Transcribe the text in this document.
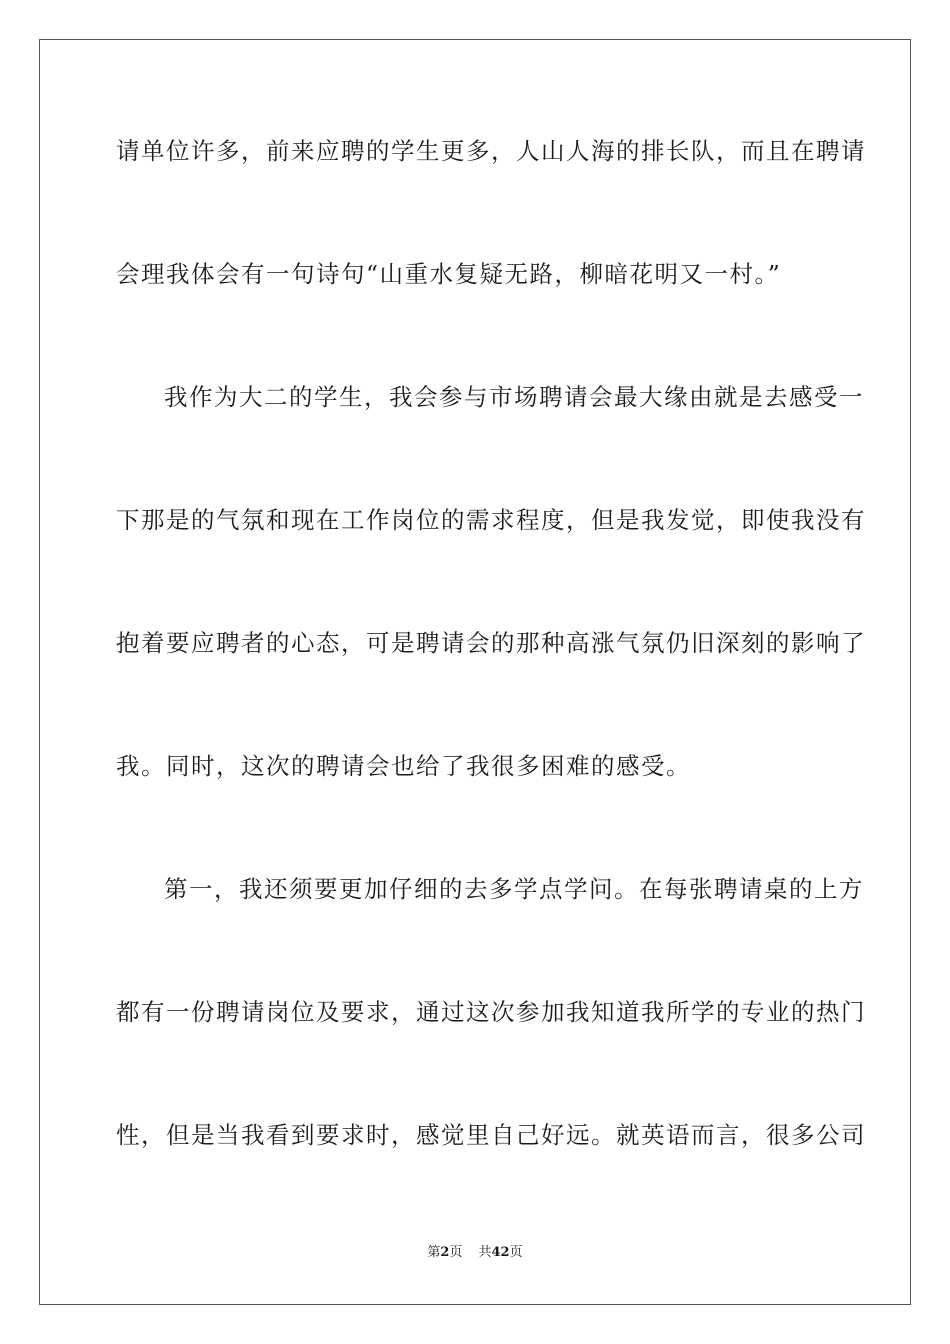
请单位许多，前来应聘的学生更多，人山人海的排长队，而且在聘请
会理我体会有一句诗句“山重水复疑无路，柳暗花明又一村。”
我作为大二的学生，我会参与市场聘请会最大缘由就是去感受一
下那是的气氛和现在工作岗位的需求程度，但是我发觉，即使我没有
抱着要应聘者的心态，可是聘请会的那种高涨气氛仍旧深刻的影响了
我。同时，这次的聘请会也给了我很多困难的感受。
第一，我还须要更加仔细的去多学点学问。在每张聘请桌的上方
都有一份聘请岗位及要求，通过这次参加我知道我所学的专业的热门
性，但是当我看到要求时，感觉里自己好远。就英语而言，很多公司
第2页 共42页
